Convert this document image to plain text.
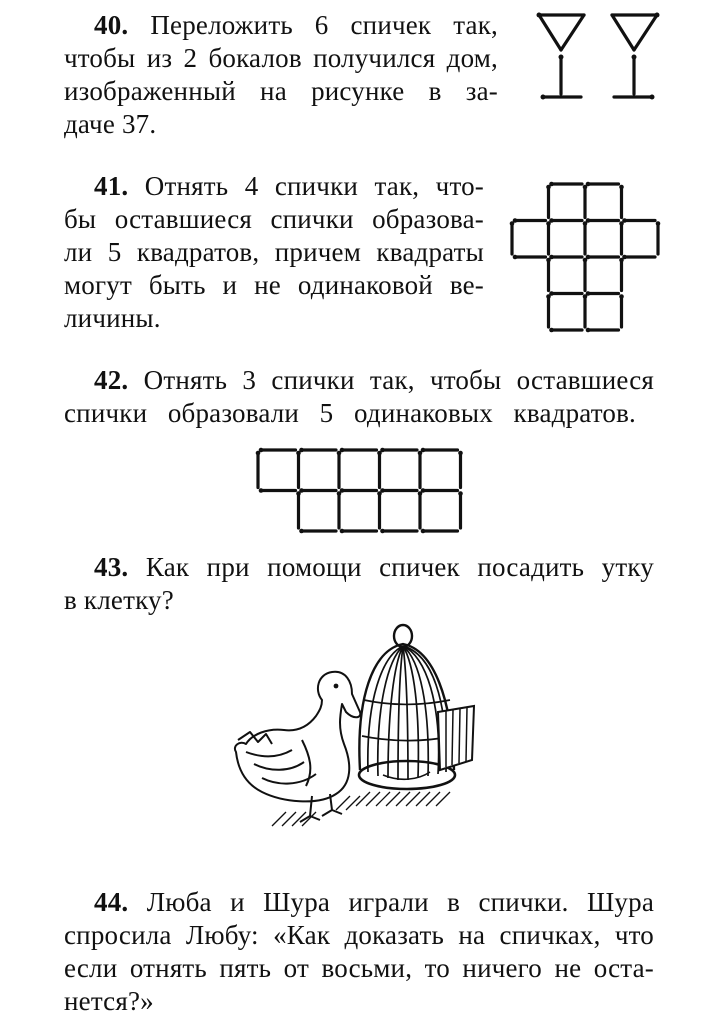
40. Переложить 6 спичек так,
чтобы из 2 бокалов получился дом,
изображенный на рисунке в за-
даче 37.
41. Отнять 4 спички так, что-
бы оставшиеся спички образова-
ли 5 квадратов, причем квадраты
могут быть и не одинаковой ве-
личины.
42. Отнять 3 спички так, чтобы оставшиеся
спички образовали 5 одинаковых квадратов.
43. Как при помощи спичек посадить утку
в клетку?
44. Люба и Шура играли в спички. Шура
спросила Любу: «Как доказать на спичках, что
если отнять пять от восьми, то ничего не оста-
нется?»
